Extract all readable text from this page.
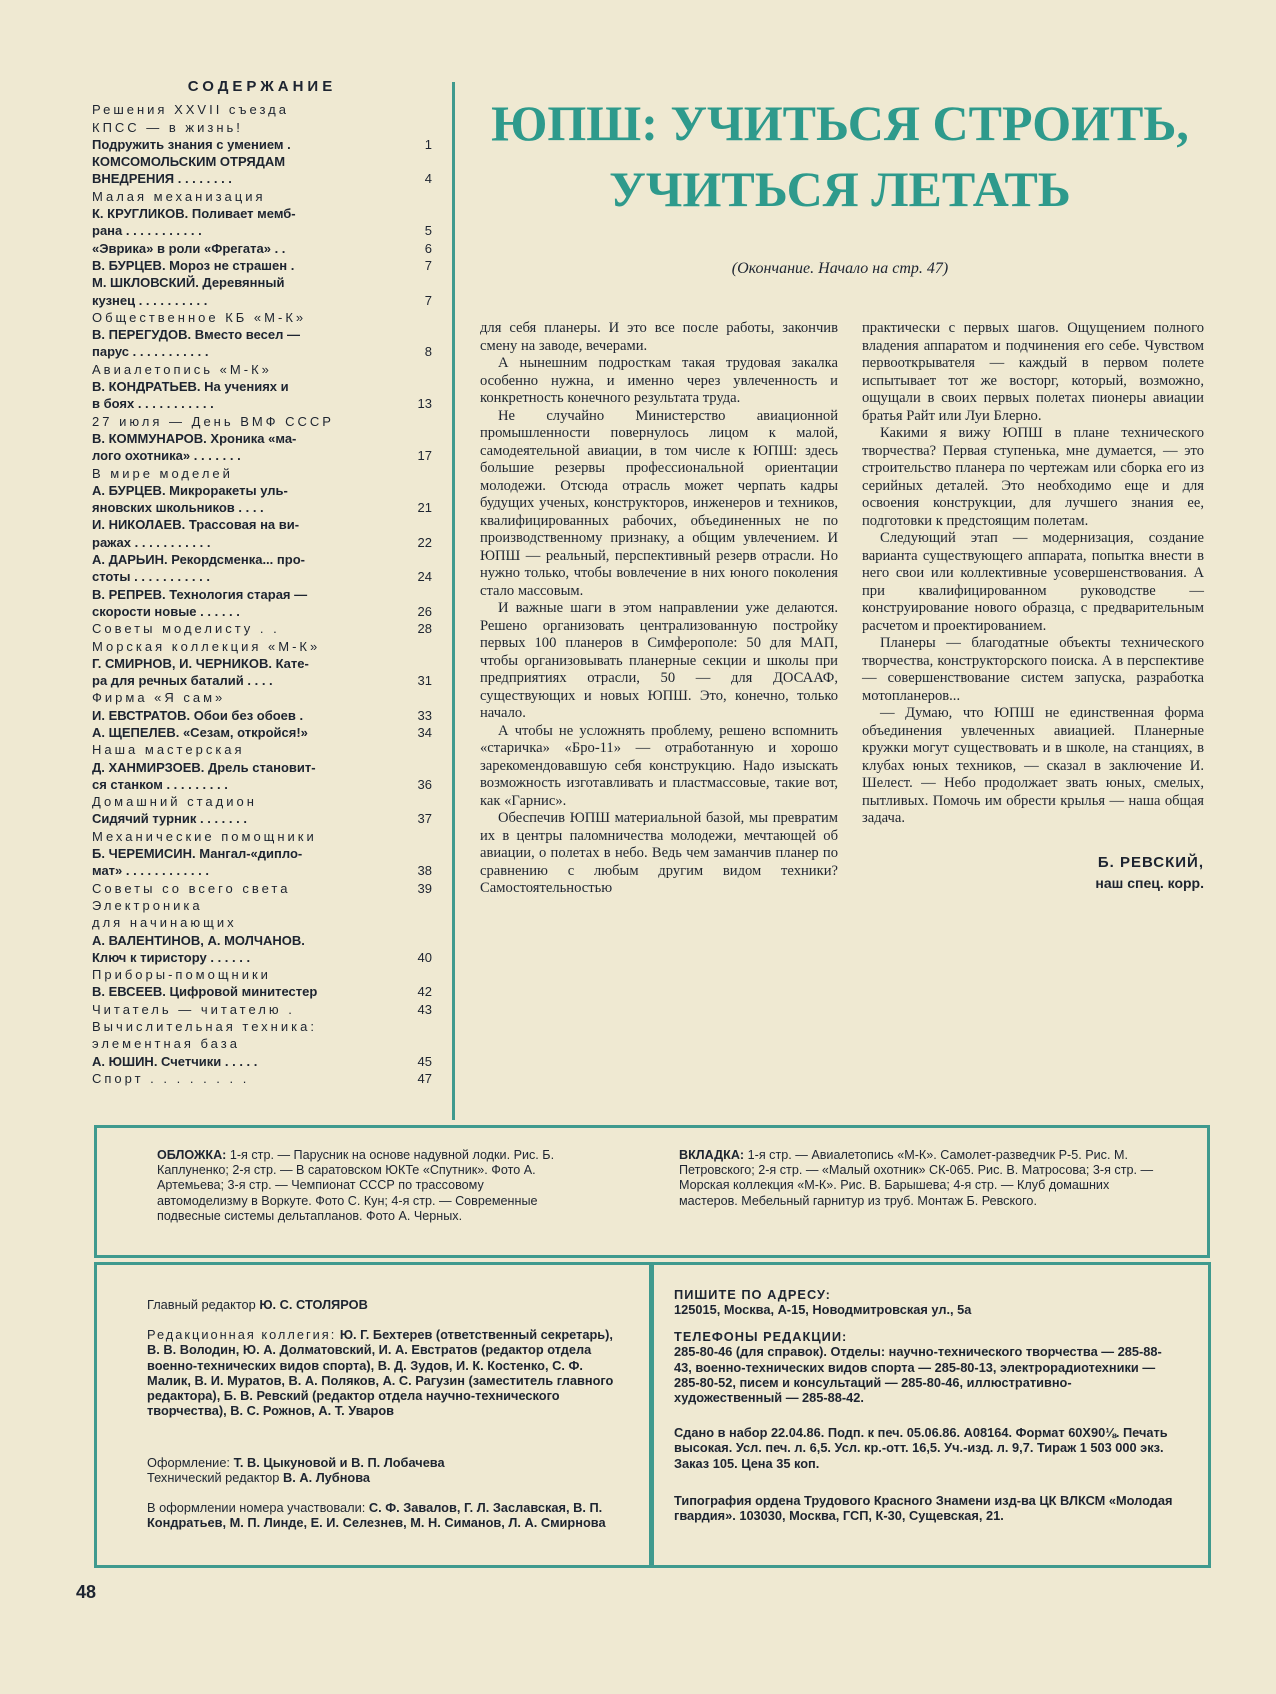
СОДЕРЖАНИЕ
Решения XXVII съезда
КПСС — в жизнь!
Подружить знания с умением .	1
КОМСОМОЛЬСКИМ ОТРЯДАМ
ВНЕДРЕНИЯ . . . . . . . .	4
Малая механизация
К. КРУГЛИКОВ. Поливает мемб-
рана . . . . . . . . . . .	5
«Эврика» в роли «Фрегата» . .	6
В. БУРЦЕВ. Мороз не страшен .	7
М. ШКЛОВСКИЙ. Деревянный
кузнец . . . . . . . . . .	7
Общественное КБ «М-К»
В. ПЕРЕГУДОВ. Вместо весел —
парус . . . . . . . . . . .	8
Авиалетопись «М-К»
В. КОНДРАТЬЕВ. На учениях и
в боях . . . . . . . . . . .	13
27 июля — День ВМФ СССР
В. КОММУНАРОВ. Хроника «ма-
лого охотника» . . . . . . .	17
В мире моделей
А. БУРЦЕВ. Микроракеты уль-
яновских школьников . . . .	21
И. НИКОЛАЕВ. Трассовая на ви-
ражах . . . . . . . . . . .	22
А. ДАРЬИН. Рекордсменка... про-
стоты . . . . . . . . . . .	24
В. РЕПРЕВ. Технология старая —
скорости новые . . . . . .	26
Советы моделисту . .	28
Морская коллекция «М-К»
Г. СМИРНОВ, И. ЧЕРНИКОВ. Кате-
ра для речных баталий . . . .	31
Фирма «Я сам»
И. ЕВСТРАТОВ. Обои без обоев .	33
А. ЩЕПЕЛЕВ. «Сезам, откройся!»	34
Наша мастерская
Д. ХАНМИРЗОЕВ. Дрель становит-
ся станком . . . . . . . . .	36
Домашний стадион
Сидячий турник . . . . . . .	37
Механические помощники
Б. ЧЕРЕМИСИН. Мангал-«дипло-
мат» . . . . . . . . . . . .	38
Советы со всего света	39
Электроника
для начинающих
А. ВАЛЕНТИНОВ, А. МОЛЧАНОВ.
Ключ к тиристору . . . . . .	40
Приборы-помощники
В. ЕВСЕЕВ. Цифровой минитестер	42
Читатель — читателю .	43
Вычислительная техника:
элементная база
А. ЮШИН. Счетчики . . . . .	45
Спорт . . . . . . . .	47
ЮПШ: УЧИТЬСЯ СТРОИТЬ,
УЧИТЬСЯ ЛЕТАТЬ
(Окончание. Начало на стр. 47)

для себя планеры. И это все после работы, закончив смену на заводе, вечерами.

А нынешним подросткам такая трудовая закалка особенно нужна, и именно через увлеченность и конкретность конечного результата труда.

Не случайно Министерство авиационной промышленности повернулось лицом к малой, самодеятельной авиации, в том числе к ЮПШ: здесь большие резервы профессиональной ориентации молодежи. Отсюда отрасль может черпать кадры будущих ученых, конструкторов, инженеров и техников, квалифицированных рабочих, объединенных не по производственному признаку, а общим увлечением. И ЮПШ — реальный, перспективный резерв отрасли. Но нужно только, чтобы вовлечение в них юного поколения стало массовым.

И важные шаги в этом направлении уже делаются. Решено организовать централизованную постройку первых 100 планеров в Симферополе: 50 для МАП, чтобы организовывать планерные секции и школы при предприятиях отрасли, 50 — для ДОСААФ, существующих и новых ЮПШ. Это, конечно, только начало.

А чтобы не усложнять проблему, решено вспомнить «старичка» «Бро-11» — отработанную и хорошо зарекомендовавшую себя конструкцию. Надо изыскать возможность изготавливать и пластмассовые, такие вот, как «Гарнис».

Обеспечив ЮПШ материальной базой, мы превратим их в центры паломничества молодежи, мечтающей об авиации, о полетах в небо. Ведь чем заманчив планер по сравнению с любым другим видом техники? Самостоятельностью

практически с первых шагов. Ощущением полного владения аппаратом и подчинения его себе. Чувством первооткрывателя — каждый в первом полете испытывает тот же восторг, который, возможно, ощущали в своих первых полетах пионеры авиации братья Райт или Луи Блерно.

Какими я вижу ЮПШ в плане технического творчества? Первая ступенька, мне думается, — это строительство планера по чертежам или сборка его из серийных деталей. Это необходимо еще и для освоения конструкции, для лучшего знания ее, подготовки к предстоящим полетам.

Следующий этап — модернизация, создание варианта существующего аппарата, попытка внести в него свои или коллективные усовершенствования. А при квалифицированном руководстве — конструирование нового образца, с предварительным расчетом и проектированием.

Планеры — благодатные объекты технического творчества, конструкторского поиска. А в перспективе — совершенствование систем запуска, разработка мотопланеров...

— Думаю, что ЮПШ не единственная форма объединения увлеченных авиацией. Планерные кружки могут существовать и в школе, на станциях, в клубах юных техников, — сказал в заключение И. Шелест. — Небо продолжает звать юных, смелых, пытливых. Помочь им обрести крылья — наша общая задача.

Б. РЕВСКИЙ,
наш спец. корр.
ОБЛОЖКА: 1-я стр. — Парусник на основе надувной лодки. Рис. Б. Каплуненко; 2-я стр. — В саратовском ЮКТе «Спутник». Фото А. Артемьева; 3-я стр. — Чемпионат СССР по трассовому автомоделизму в Воркуте. Фото С. Кун; 4-я стр. — Современные подвесные системы дельтапланов. Фото А. Черных.
ВКЛАДКА: 1-я стр. — Авиалетопись «М-К». Самолет-разведчик Р-5. Рис. М. Петровского; 2-я стр. — «Малый охотник» СК-065. Рис. В. Матросова; 3-я стр. — Морская коллекция «М-К». Рис. В. Барышева; 4-я стр. — Клуб домашних мастеров. Мебельный гарнитур из труб. Монтаж Б. Ревского.
Главный редактор Ю. С. СТОЛЯРОВ
Редакционная коллегия: Ю. Г. Бехтерев (ответственный секретарь), В. В. Володин, Ю. А. Долматовский, И. А. Евстратов (редактор отдела военно-технических видов спорта), В. Д. Зудов, И. К. Костенко, С. Ф. Малик, В. И. Муратов, В. А. Поляков, А. С. Рагузин (заместитель главного редактора), Б. В. Ревский (редактор отдела научно-технического творчества), В. С. Рожнов, А. Т. Уваров
Оформление: Т. В. Цыкуновой и В. П. Лобачева
Технический редактор В. А. Лубнова
В оформлении номера участвовали: С. Ф. Завалов, Г. Л. Заславская, В. П. Кондратьев, М. П. Линде, Е. И. Селезнев, М. Н. Симанов, Л. А. Смирнова
ПИШИТЕ ПО АДРЕСУ:
125015, Москва, А-15, Новодмитровская ул., 5а
ТЕЛЕФОНЫ РЕДАКЦИИ:
285-80-46 (для справок). Отделы: научно-технического творчества — 285-88-43, военно-технических видов спорта — 285-80-13, электрорадиотехники — 285-80-52, писем и консультаций — 285-80-46, иллюстративно-художественный — 285-88-42.
Сдано в набор 22.04.86. Подп. к печ. 05.06.86. А08164. Формат 60Х90⅛. Печать высокая. Усл. печ. л. 6,5. Усл. кр.-отт. 16,5. Уч.-изд. л. 9,7. Тираж 1 503 000 экз. Заказ 105. Цена 35 коп.
Типография ордена Трудового Красного Знамени изд-ва ЦК ВЛКСМ «Молодая гвардия». 103030, Москва, ГСП, К-30, Сущевская, 21.
48
